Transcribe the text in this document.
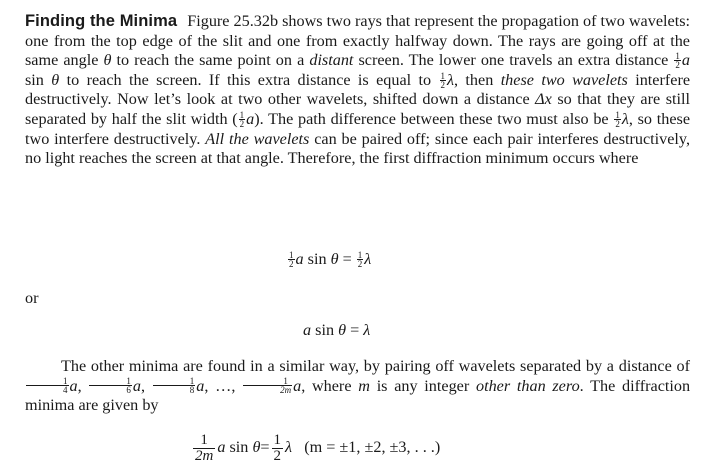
Finding the Minima Figure 25.32b shows two rays that represent the propagation of two wavelets: one from the top edge of the slit and one from exactly halfway down. The rays are going off at the same angle θ to reach the same point on a distant screen. The lower one travels an extra distance $\frac{1}{2}$ a sin θ to reach the screen. If this extra distance is equal to $\frac{1}{2} \lambda$, then these two wavelets interfere destructively. Now let’s look at two other wavelets, shifted down a distance Δx so that they are still separated by half the slit width ( $\frac{1}{2} a$). The path difference between these two must also be $\frac{1}{2} \lambda$, so these two interfere destructively. All the wavelets can be paired off; since each pair interferes destructively, no light reaches the screen at that angle. Therefore, the first diffraction minimum occurs where
$\frac{1}{2}$ a $\sin \theta = \frac{1}{2}$ λ
or
a sin θ = λ
The other minima are found in a similar way, by pairing off wavelets separated by a distance of
$\frac{1}{4} a$, $\frac{1}{6} a$, $\frac{1}{8} a$, …, $\frac{1}{2m} a$, where m is any integer other than zero. The diffraction minima are given by
$\frac{1}{2m}$ a $\sin \theta= \frac{1}{2}$ λ (m = ±1, ±2, ±3, . . .)
